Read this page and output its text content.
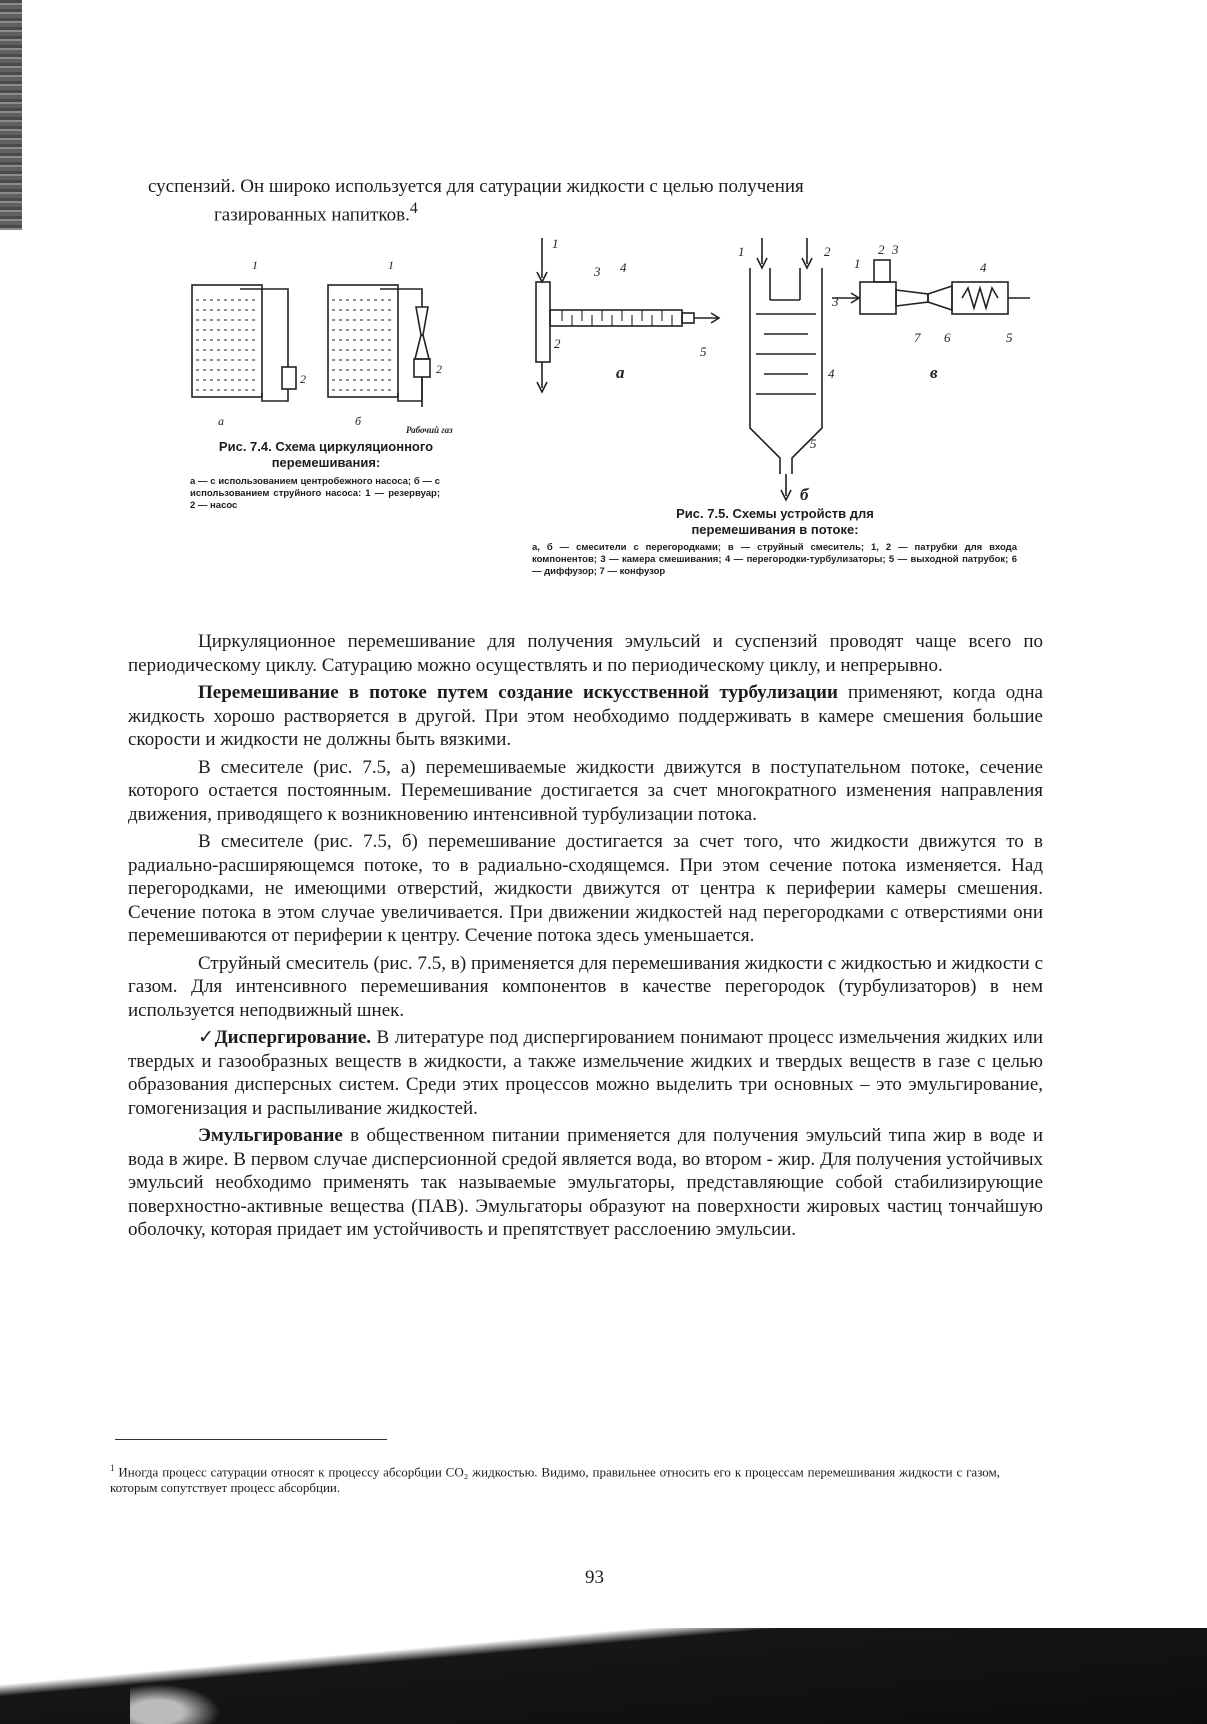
суспензий. Он широко используется для сатурации жидкости с целью получения
газированных напитков.$^4$
1
2
1
2
а	б
Рабочий газ
Рис. 7.4. Схема циркуляционного перемешивания:
а — с использованием центробежного насоса; б — с использованием струйного насоса: 1 — резервуар; 2 — насос
1
3 4
2
5
а
1	2
3
4
5
б
1
2 3
4
7 6	5
в
Рис. 7.5. Схемы устройств для перемешивания в потоке:
а, б — смесители с перегородками; в — струйный смеситель; 1, 2 — патрубки для входа компонентов; 3 — камера смешивания; 4 — перегородки-турбулизаторы; 5 — выходной патрубок; 6 — диффузор; 7 — конфузор

Циркуляционное перемешивание для получения эмульсий и суспензий проводят чаще всего по периодическому циклу. Сатурацию можно осуществлять и по периодическому циклу, и непрерывно.

Перемешивание в потоке путем создание искусственной турбулизации применяют, когда одна жидкость хорошо растворяется в другой. При этом необходимо поддерживать в камере смешения большие скорости и жидкости не должны быть вязкими.

В смесителе (рис. 7.5, а) перемешиваемые жидкости движутся в поступательном потоке, сечение которого остается постоянным. Перемешивание достигается за счет многократного изменения направления движения, приводящего к возникновению интенсивной турбулизации потока.

В смесителе (рис. 7.5, б) перемешивание достигается за счет того, что жидкости движутся то в радиально-расширяющемся потоке, то в радиально-сходящемся. При этом сечение потока изменяется. Над перегородками, не имеющими отверстий, жидкости движутся от центра к периферии камеры смешения. Сечение потока в этом случае увеличивается. При движении жидкостей над перегородками с отверстиями они перемешиваются от периферии к центру. Сечение потока здесь уменьшается.

Струйный смеситель (рис. 7.5, в) применяется для перемешивания жидкости с жидкостью и жидкости с газом. Для интенсивного перемешивания компонентов в качестве перегородок (турбулизаторов) в нем используется неподвижный шнек.

✓Диспергирование. В литературе под диспергированием понимают процесс измельчения жидких или твердых и газообразных веществ в жидкости, а также измельчение жидких и твердых веществ в газе с целью образования дисперсных систем. Среди этих процессов можно выделить три основных – это эмульгирование, гомогенизация и распыливание жидкостей.

Эмульгирование в общественном питании применяется для получения эмульсий типа жир в воде и вода в жире. В первом случае дисперсионной средой является вода, во втором - жир. Для получения устойчивых эмульсий необходимо применять так называемые эмульгаторы, представляющие собой стабилизирующие поверхностно-активные вещества (ПАВ). Эмульгаторы образуют на поверхности жировых частиц тончайшую оболочку, которая придает им устойчивость и препятствует расслоению эмульсии.

$^1$ Иногда процесс сатурации относят к процессу абсорбции CO₂ жидкостью. Видимо, правильнее относить его к процессам перемешивания жидкости с газом, которым сопутствует процесс абсорбции.
93
